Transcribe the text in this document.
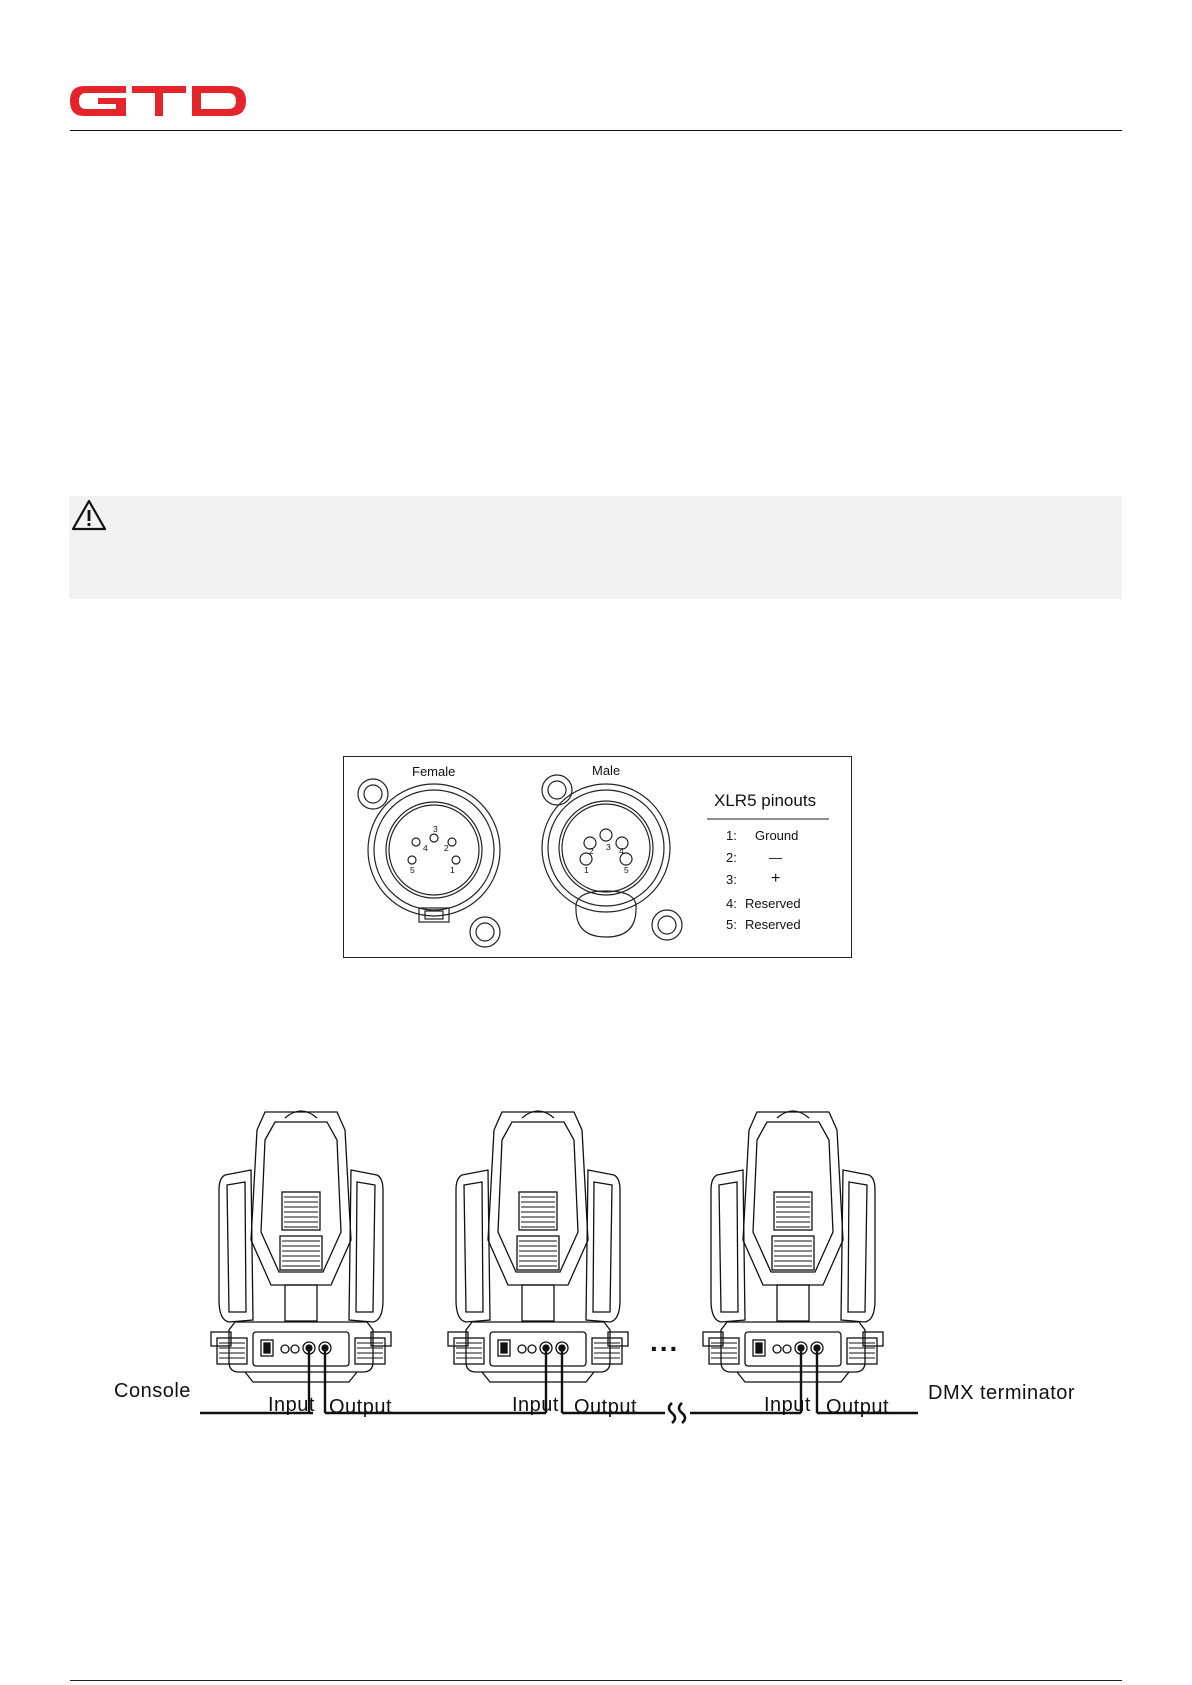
3
4 2
5	1
2 3 4
1	5
Female	Male
XLR5 pinouts
1: Ground
2: —
3: +
4: Reserved
5: Reserved
Console
Input Output	Input Output
...
Input Output
DMX terminator
